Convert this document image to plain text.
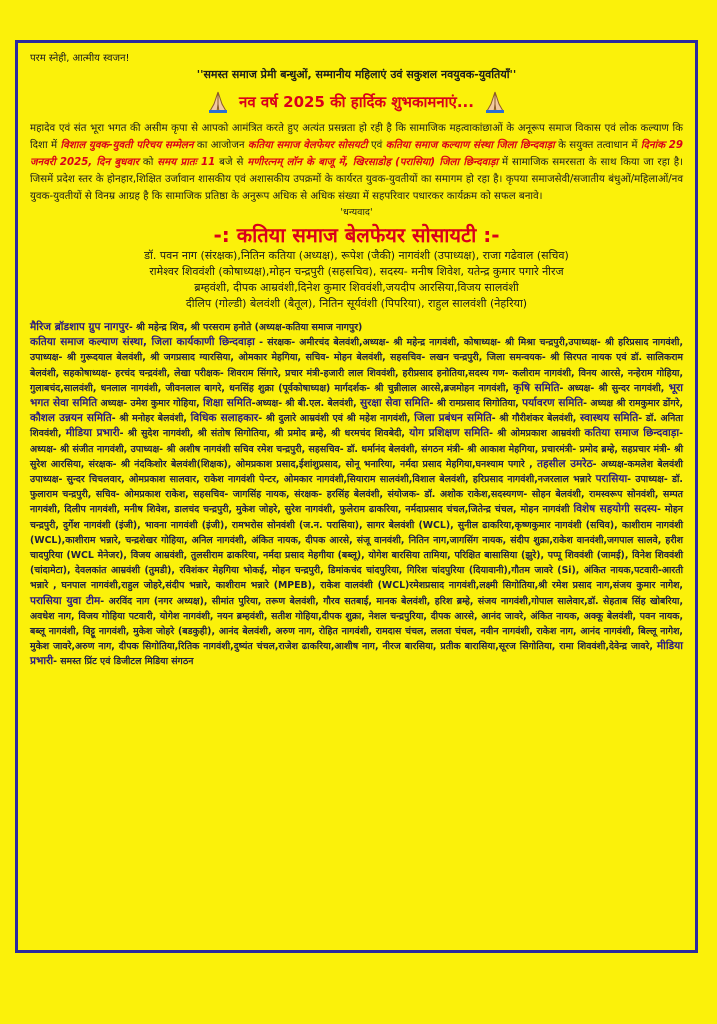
परम स्नेही, आत्मीय स्वजन!
''समस्त समाज प्रेमी बन्धुओं, सम्मानीय महिलाएं उवं सकुशल नवयुवक-युवतियाँ''
नव वर्ष 2025 की हार्दिक शुभकामनाएं...
महादेव एवं संत भूरा भगत की असीम कृपा से आपको आमंत्रित करते हुए अत्यंत प्रसन्नता हो रही है कि सामाजिक महत्वाकांछाओं के अनूरूप समाज विकास एवं लोक कल्याण कि दिशा में विशाल युवक-युवती परिचय सम्मेलन का आजोजन कतिया समाज वेलफेयर सोसयटी एवं कतिया समाज कल्याण संस्था जिला छिन्दवाड़ा के सयुक्त तत्वाधान में दिनांक 29 जनवरी 2025, दिन बुधवार को समय प्रातः 11 बजे से मणीरत्नम् लॉन के बाजू में, खिरसाडोह (परासिया) जिला छिन्दवाड़ा में सामाजिक समरसता के साथ किया जा रहा है। जिसमें प्रदेश स्तर के होनहार,शिक्षित उर्जावान शासकीय एवं अशासकीय उपक्रमों के कार्यरत युवक-युवतीयों का समागम हो रहा है। कृपया समाजसेवी/सजातीय बंधुओं/महिलाओं/नव युवक-युवतीयों से विनम्र आग्रह है कि सामाजिक प्रतिष्ठा के अनुरूप अधिक से अधिक संख्या में सहपरिवार पधारकर कार्यक्रम को सफल बनावे।
'धन्यवाद'
-: कतिया समाज बेलफेयर सोसायटी :-
डॉ. पवन नाग (संरक्षक),नितिन कतिया (अध्यक्ष), रूपेश (जैकी) नागवंशी (उपाध्यक्ष), राजा गढेवाल (सचिव)
रामेश्वर शिववंशी (कोषाध्यक्ष),मोहन चन्द्रपुरी (सहसचिव), सदस्य- मनीष शिवेश, यतेन्द्र कुमार पगारे नीरज
ब्रम्हवंशी, दीपक आम्रवंशी,दिनेश कुमार शिववंशी,जयदीप आरसिया,विजय सालवंशी
दीलिप (गोल्डी) बेलवंशी (बैतूल), नितिन सूर्यवंशी (पिपरिया), राहुल सालवंशी (नेहरिया)
मैरिज ब्रॉडशाप ग्रुप नागपुर- श्री महेन्द्र शिव, श्री परसराम हनोते (अध्यक्ष-कतिया समाज नागपुर)
कतिया समाज कल्याण संस्था, जिला कार्यकाणी छिन्दवाड़ा - संरक्षक- अमीरचंद बेलवंशी,अध्यक्ष- श्री महेन्द्र नागवंशी, कोषाध्यक्ष- श्री मिश्रा चन्द्रपुरी,उपाध्यक्ष- श्री हरिप्रसाद नागवंशी, उपाध्यक्ष- श्री गुरूदयाल बेलवंशी, श्री जगप्रसाद ग्यारसिया, ओमकार मेहगिया, सचिव- मोहन बेलवंशी, सहसचिव- लखन चन्द्रपुरी, जिला समन्वयक- श्री सिरपत नायक एवं डॉ. सालिकराम बेलवंशी, सहकोषाध्यक्ष- हरचंद चन्द्रवंशी, लेखा परीक्षक- शिवराम सिंगारे, प्रचार मंत्री-हजारी लाल शिववंशी, हरीप्रसाद हनोतिया,सदस्य गण- कलीराम नागवंशी, विनय आरसे, नन्हेराम गोहिया, गुलाबचंद,सालवंशी, धनलाल नागवंशी, जीवनलाल बागरे, धनसिंह शुक्रा (पूर्वकोषाध्यक्ष) मार्गदर्शक- श्री चुन्नीलाल आरसे,ब्रजमोहन नागवंशी, कृषि समिति- अध्यक्ष- श्री सुन्दर नागवंशी, भूरा भगत सेवा समिति अध्यक्ष- उमेश कुमार गोहिया, शिक्षा समिति-अध्यक्ष- श्री बी.एल. बेलवंशी, सुरक्षा सेवा समिति- श्री रामप्रसाद सिगोतिया, पर्यावरण समिति- अध्यक्ष श्री रामकुमार डोंगरे, कौशल उन्नयन समिति- श्री मनोहर बेलवंशी, विधिक सलाहकार- श्री दुलारे आम्रवंशी एवं श्री महेश नागवंशी, जिला प्रबंधन समिति- श्री गौरीशंकर बेलवंशी, स्वास्थय समिति- डॉ. अनिता शिववंशी, मीडिया प्रभारी- श्री सुदेश नागवंशी, श्री संतोष सिगोतिया, श्री प्रमोद ब्रम्हे, श्री धरमचंद शिवबेदी, योग प्रशिक्षण समिति- श्री ओमप्रकाश आम्रवंशी कतिया समाज छिन्दवाड़ा- अध्यक्ष- श्री संजीत नागवंशी, उपाध्यक्ष- श्री अशीष नागवंशी सचिव रमेश चन्द्रपुरी, सहसचिव- डॉ. धर्मानंद बेलवंशी, संगठन मंत्री- श्री आकाश मेहगिया, प्रचारमंत्री- प्रमोद ब्रम्हे, सहप्रचार मंत्री- श्री सुरेश आरसिया, संरक्षक- श्री नंदकिशोर बेलवंशी(शिक्षक), ओमप्रकाश प्रसाद,ईशांशुप्रसाद, सोनू भनारिया, नर्मदा प्रसाद मेहगिया,घनश्याम पगारे , तहसील उमरेठ- अध्यक्ष-कमलेश बेलवंशी उपाध्यक्ष- सुन्दर चिचलवार, ओमप्रकाश सालवार, राकेश नागवंशी पेन्टर, ओमकार नागवंशी,सियाराम सालवंशी,विशाल बेलवंशी, हरिप्रसाद नागवंशी,नजरलाल भन्नारे परासिया- उपाध्यक्ष- डॉ. फुलाराम चन्द्रपुरी, सचिव- ओमप्रकाश राकेश, सहसचिव- जागसिंह नायक, संरक्षक- हरसिंह बेलवंशी, संयोजक- डॉ. अशोक राकेश,सदस्यगण- सोहन बेलवंशी, रामस्वरूप सोनवंशी, सम्पत नागवंशी, दिलीप नागवंशी, मनीष शिवेश, डालचंद चन्द्रपुरी, मुकेश जोहरे, सुरेश नागवंशी, फुलेराम ढाकरिया, नर्मदाप्रसाद चंचल,जितेन्द्र चंचल, मोहन नागवंशी विशेष सहयोगी सदस्य- मोहन चन्द्रपुरी, दुर्गेश नागवंशी (इंजी), भावना नागवंशी (इंजी), रामभरोस सोनवंशी (ज.न. परासिया), सागर बेलवंशी (WCL), सुनील ढाकरिया,कृष्णकुमार नागवंशी (सचिव), काशीराम नागवंशी (WCL),काशीराम भन्नारे, चन्द्रशेखर गोहिया, अनिल नागवंशी, अंकित नायक, दीपक आरसे, संजू वानवंशी, नितिन नाग,जागसिंग नायक, संदीप शुक्रा,राकेश वानवंशी,जगपाल सालवे, हरीश चादपुरिया (WCL मेनेजर), विजय आम्रवंशी, तुलसीराम ढाकरिया, नर्मदा प्रसाद मेहगीया (बब्लू), योगेश बारसिया तामिया, परिक्षित बासासिया (झुरे), पप्पू शिववंशी (जामई), विनेश शिववंशी (चांदामेटा), देवलकांत आम्रवंशी (तुमडी), रविशंकर मेहगिया भोकई, मोहन चन्द्रपुरी, डिमांकचंद चांदपुरिया, गिरिश चांदपुरिया (दियावानी),गौतम जावरे (Si), अंकित नायक,पटवारी-आरती भन्नारे , घनपाल नागवंशी,राहुल जोहरे,संदीप भन्नारे, काशीराम भन्नारे (MPEB), राकेश वालवंशी (WCL)रमेशप्रसाद नागवंशी,लक्ष्मी सिगोतिया,श्री रमेश प्रसाद नाग,संजय कुमार नागेश, परासिया युवा टीम- अरविंद नाग (नगर अध्यक्ष), सीमांत पुरिया, तरूण बेलवंशी, गौरव सतबाई, मानक बेलवंशी, हरिश ब्रम्हे, संजय नागवंशी,गोपाल सालेवार,डॉ. सेहताब सिंह खोबरिया, अवधेश नाग, विजय गोहिया पटवारी, योगेश नागवंशी, नयन ब्रम्हवंशी, सतीश गोहिया,दीपक शुक्रा, नेशल चन्द्रपुरिया, दीपक आरसे, आनंद जावरे, अंकित नायक, अक्कू बेलवंशी, पवन नायक, बब्लू नागवंशी, विट्टू नागवंशी, मुकेश जोहरे (बडकुही), आनंद बेलवंशी, अरुण नाग, रोहित नागवंशी, रामदास चंचल, ललता चंचल, नवीन नागवंशी, राकेश नाग, आनंद नागवंशी, बिल्लू नागेश, मुकेश जावरे,अरुण नाग, दीपक सिगोतिया,रितिक नागवंशी,दुष्यंत चंचल,राजेश ढाकरिया,आशीष नाग, नीरज बारसिया, प्रतीक बारासिया,सूरज सिगोतिया, रामा शिववंशी,देवेन्द्र जावरे, मीडिया प्रभारी- समस्त प्रिंट एवं डिजीटल मिडिया संगठन
